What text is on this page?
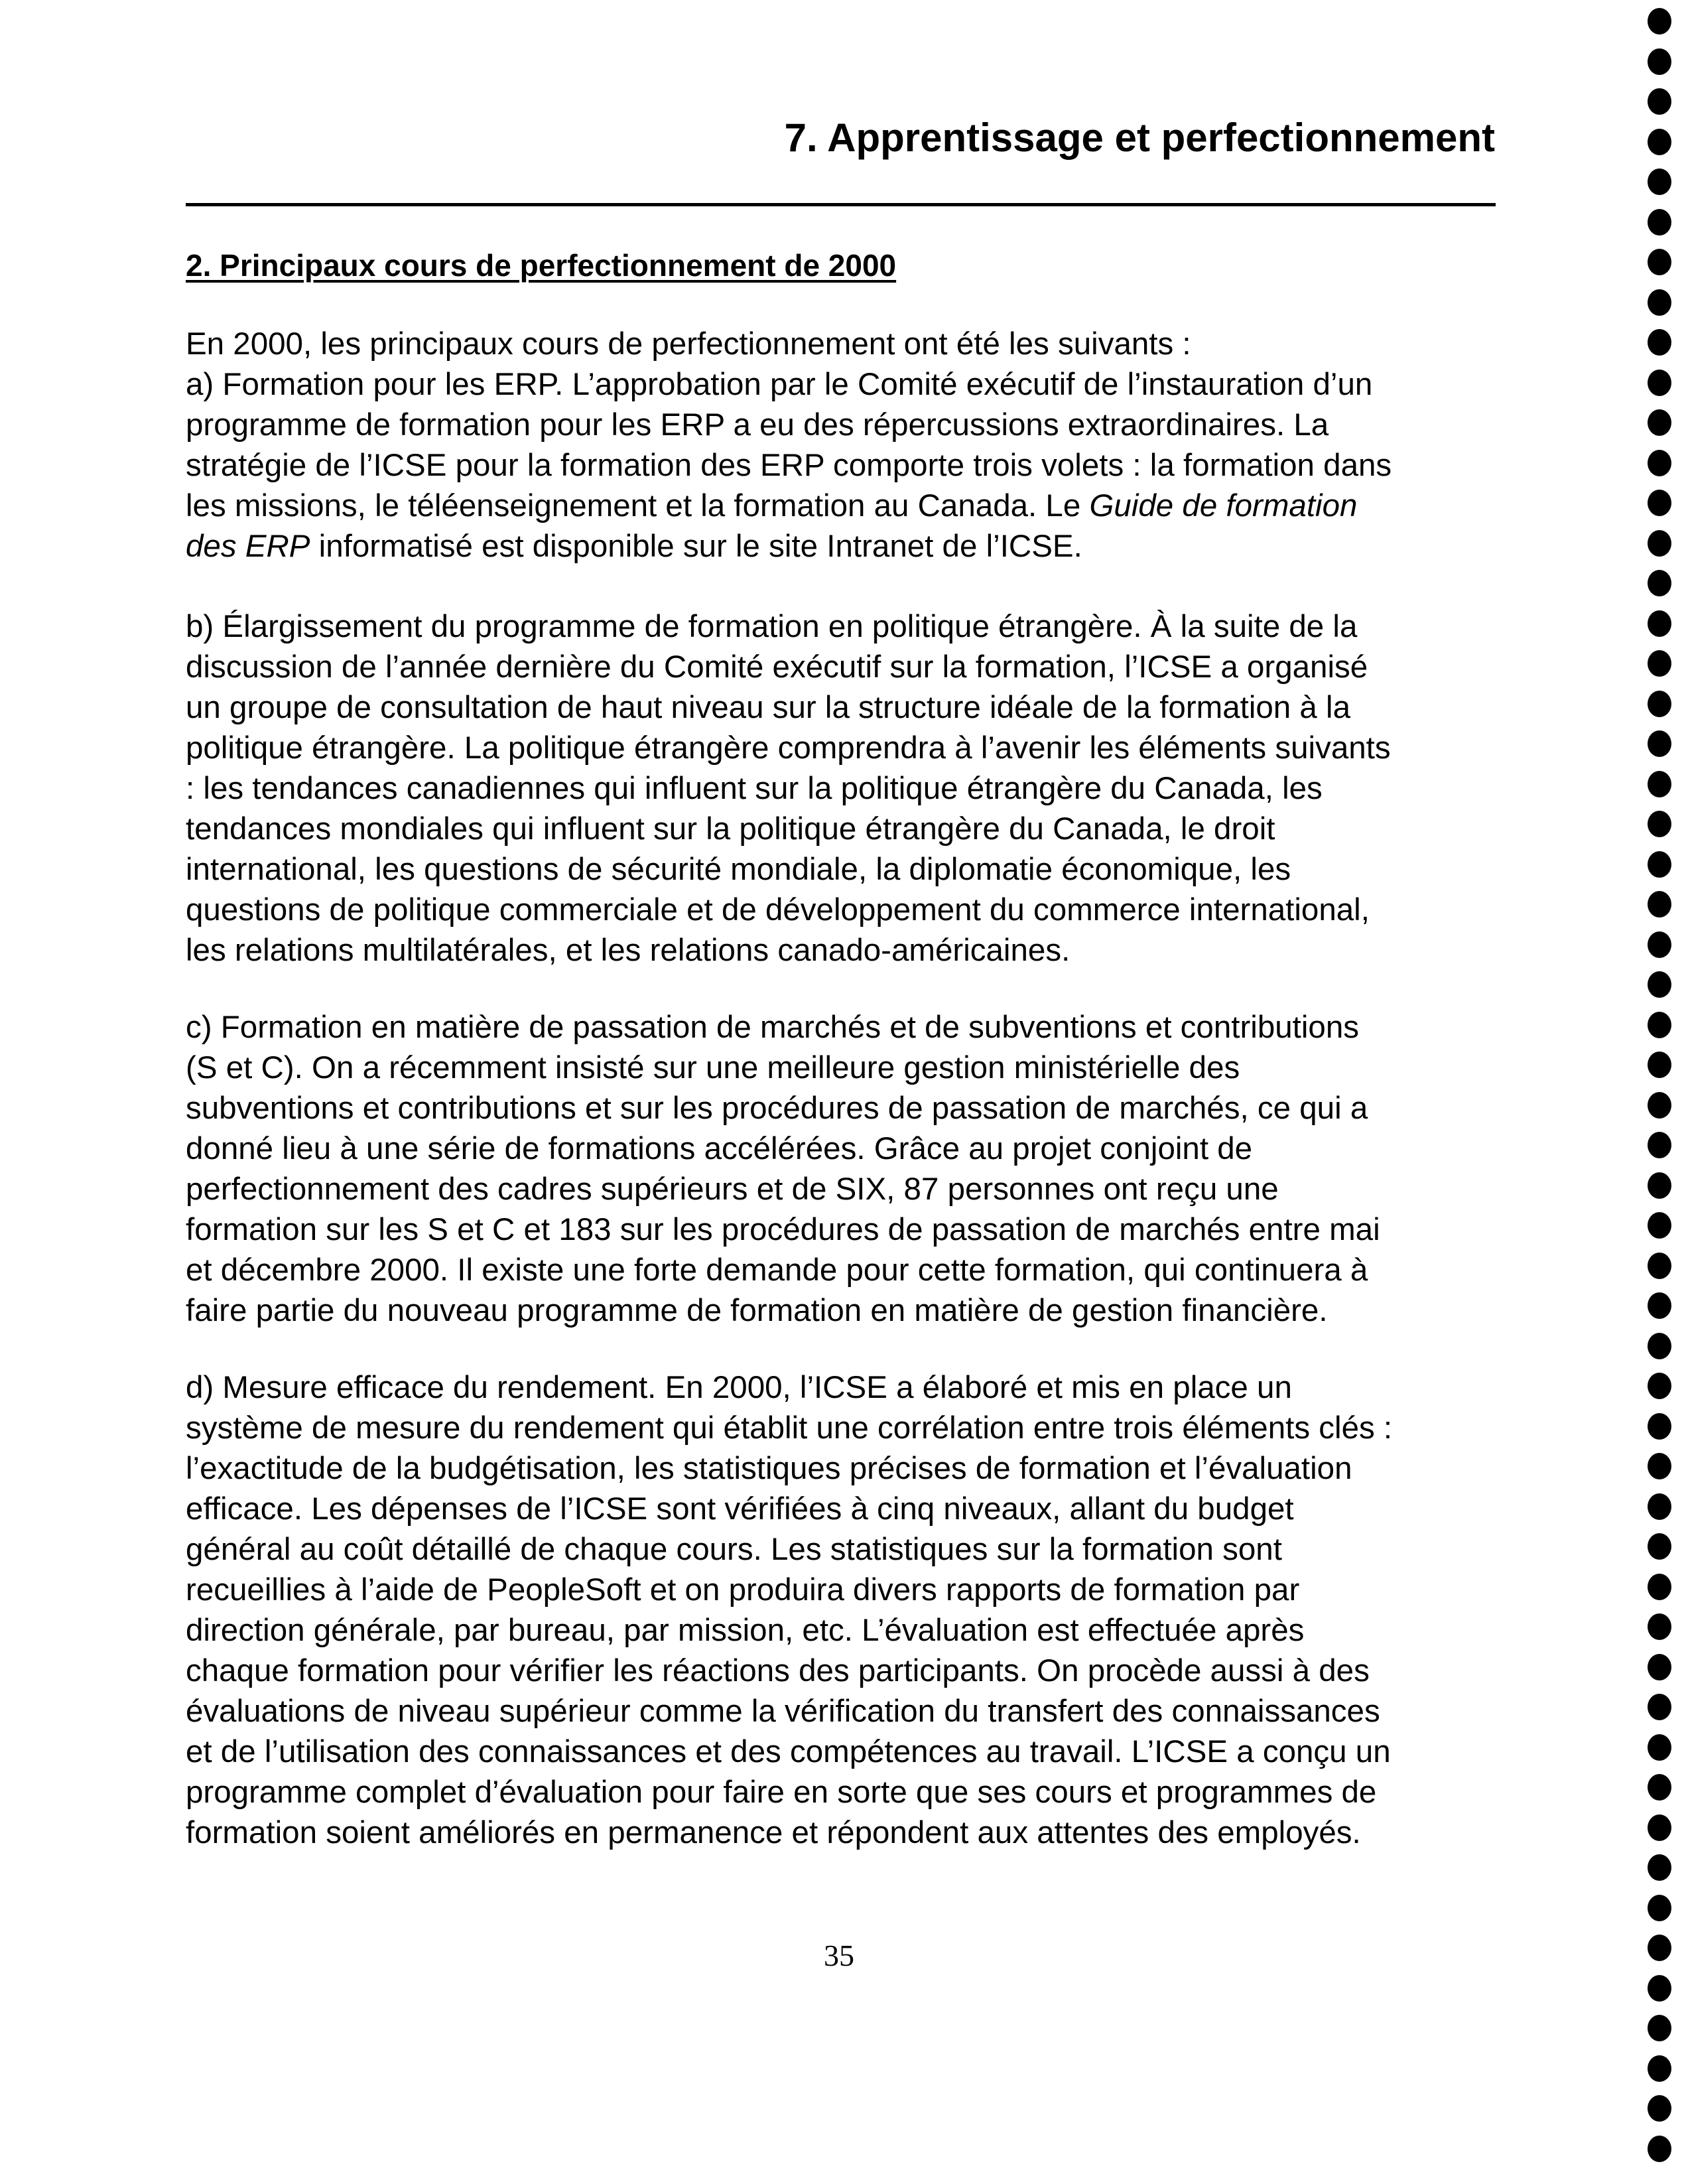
7. Apprentissage et perfectionnement
2. Principaux cours de perfectionnement de 2000
En 2000, les principaux cours de perfectionnement ont été les suivants :
a) Formation pour les ERP. L’approbation par le Comité exécutif de l’instauration d’un
programme de formation pour les ERP a eu des répercussions extraordinaires. La
stratégie de l’ICSE pour la formation des ERP comporte trois volets : la formation dans
les missions, le téléenseignement et la formation au Canada. Le Guide de formation
des ERP informatisé est disponible sur le site Intranet de l’ICSE.
b) Élargissement du programme de formation en politique étrangère. À la suite de la
discussion de l’année dernière du Comité exécutif sur la formation, l’ICSE a organisé
un groupe de consultation de haut niveau sur la structure idéale de la formation à la
politique étrangère. La politique étrangère comprendra à l’avenir les éléments suivants
: les tendances canadiennes qui influent sur la politique étrangère du Canada, les
tendances mondiales qui influent sur la politique étrangère du Canada, le droit
international, les questions de sécurité mondiale, la diplomatie économique, les
questions de politique commerciale et de développement du commerce international,
les relations multilatérales, et les relations canado-américaines.
c) Formation en matière de passation de marchés et de subventions et contributions
(S et C). On a récemment insisté sur une meilleure gestion ministérielle des
subventions et contributions et sur les procédures de passation de marchés, ce qui a
donné lieu à une série de formations accélérées. Grâce au projet conjoint de
perfectionnement des cadres supérieurs et de SIX, 87 personnes ont reçu une
formation sur les S et C et 183 sur les procédures de passation de marchés entre mai
et décembre 2000. Il existe une forte demande pour cette formation, qui continuera à
faire partie du nouveau programme de formation en matière de gestion financière.
d) Mesure efficace du rendement. En 2000, l’ICSE a élaboré et mis en place un
système de mesure du rendement qui établit une corrélation entre trois éléments clés :
l’exactitude de la budgétisation, les statistiques précises de formation et l’évaluation
efficace. Les dépenses de l’ICSE sont vérifiées à cinq niveaux, allant du budget
général au coût détaillé de chaque cours. Les statistiques sur la formation sont
recueillies à l’aide de PeopleSoft et on produira divers rapports de formation par
direction générale, par bureau, par mission, etc. L’évaluation est effectuée après
chaque formation pour vérifier les réactions des participants. On procède aussi à des
évaluations de niveau supérieur comme la vérification du transfert des connaissances
et de l’utilisation des connaissances et des compétences au travail. L’ICSE a conçu un
programme complet d’évaluation pour faire en sorte que ses cours et programmes de
formation soient améliorés en permanence et répondent aux attentes des employés.
35
